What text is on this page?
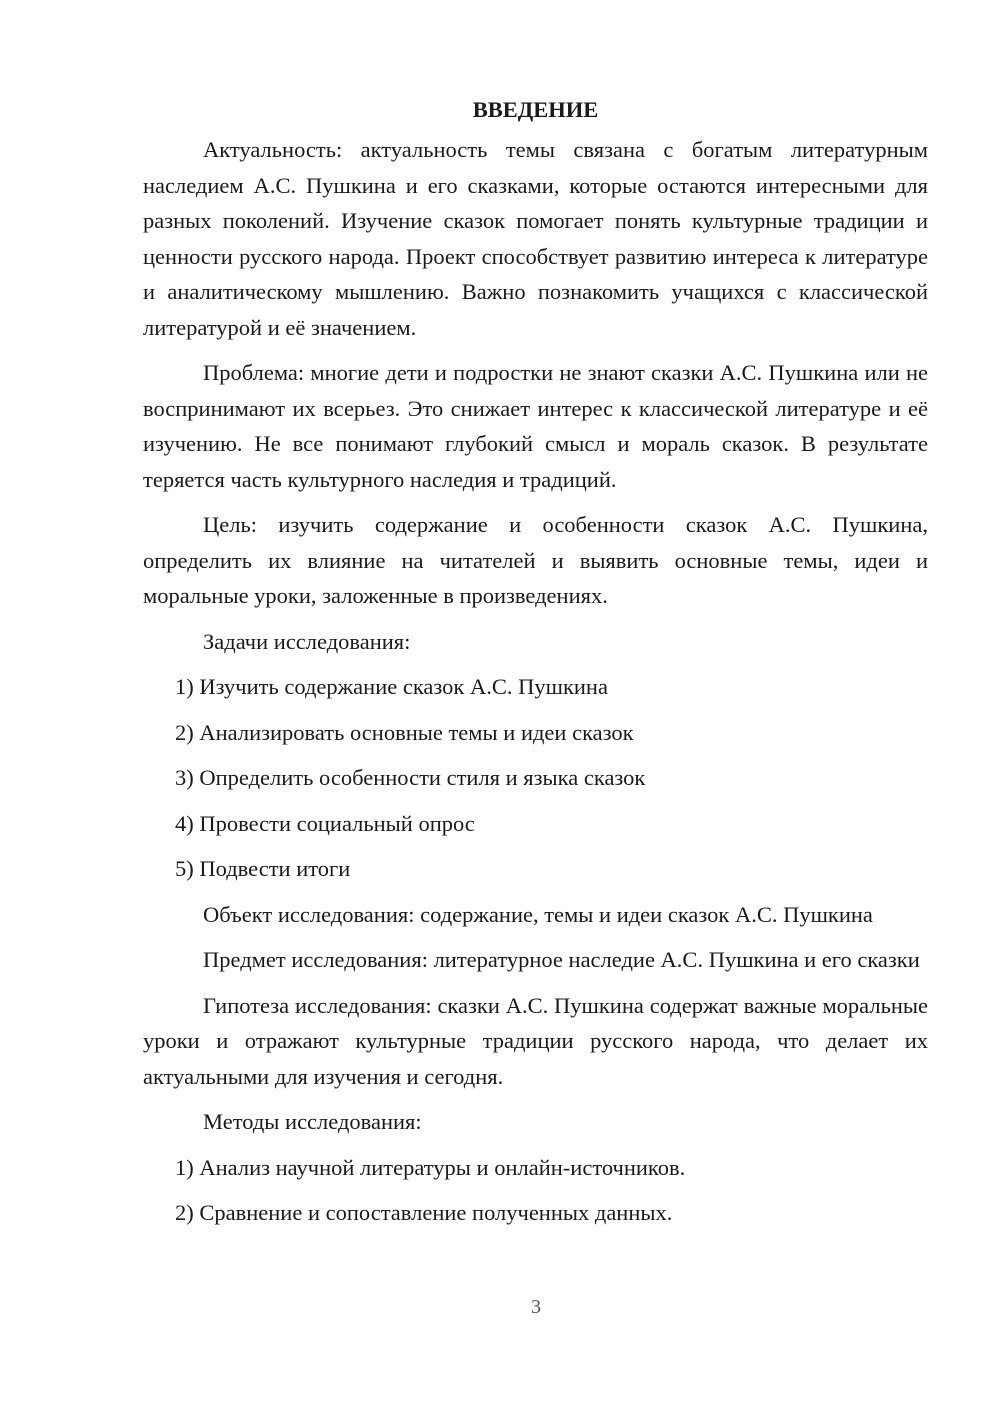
ВВЕДЕНИЕ

Актуальность: актуальность темы связана с богатым литературным наследием А.С. Пушкина и его сказками, которые остаются интересными для разных поколений. Изучение сказок помогает понять культурные традиции и ценности русского народа. Проект способствует развитию интереса к литературе и аналитическому мышлению. Важно познакомить учащихся с классической литературой и её значением.

Проблема: многие дети и подростки не знают сказки А.С. Пушкина или не воспринимают их всерьез. Это снижает интерес к классической литературе и её изучению. Не все понимают глубокий смысл и мораль сказок. В результате теряется часть культурного наследия и традиций.

Цель: изучить содержание и особенности сказок А.С. Пушкина, определить их влияние на читателей и выявить основные темы, идеи и моральные уроки, заложенные в произведениях.

Задачи исследования:

1) Изучить содержание сказок А.С. Пушкина

2) Анализировать основные темы и идеи сказок

3) Определить особенности стиля и языка сказок

4) Провести социальный опрос

5) Подвести итоги

Объект исследования: содержание, темы и идеи сказок А.С. Пушкина

Предмет исследования: литературное наследие А.С. Пушкина и его сказки

Гипотеза исследования: сказки А.С. Пушкина содержат важные моральные уроки и отражают культурные традиции русского народа, что делает их актуальными для изучения и сегодня.

Методы исследования:

1) Анализ научной литературы и онлайн-источников.

2) Сравнение и сопоставление полученных данных.

3
